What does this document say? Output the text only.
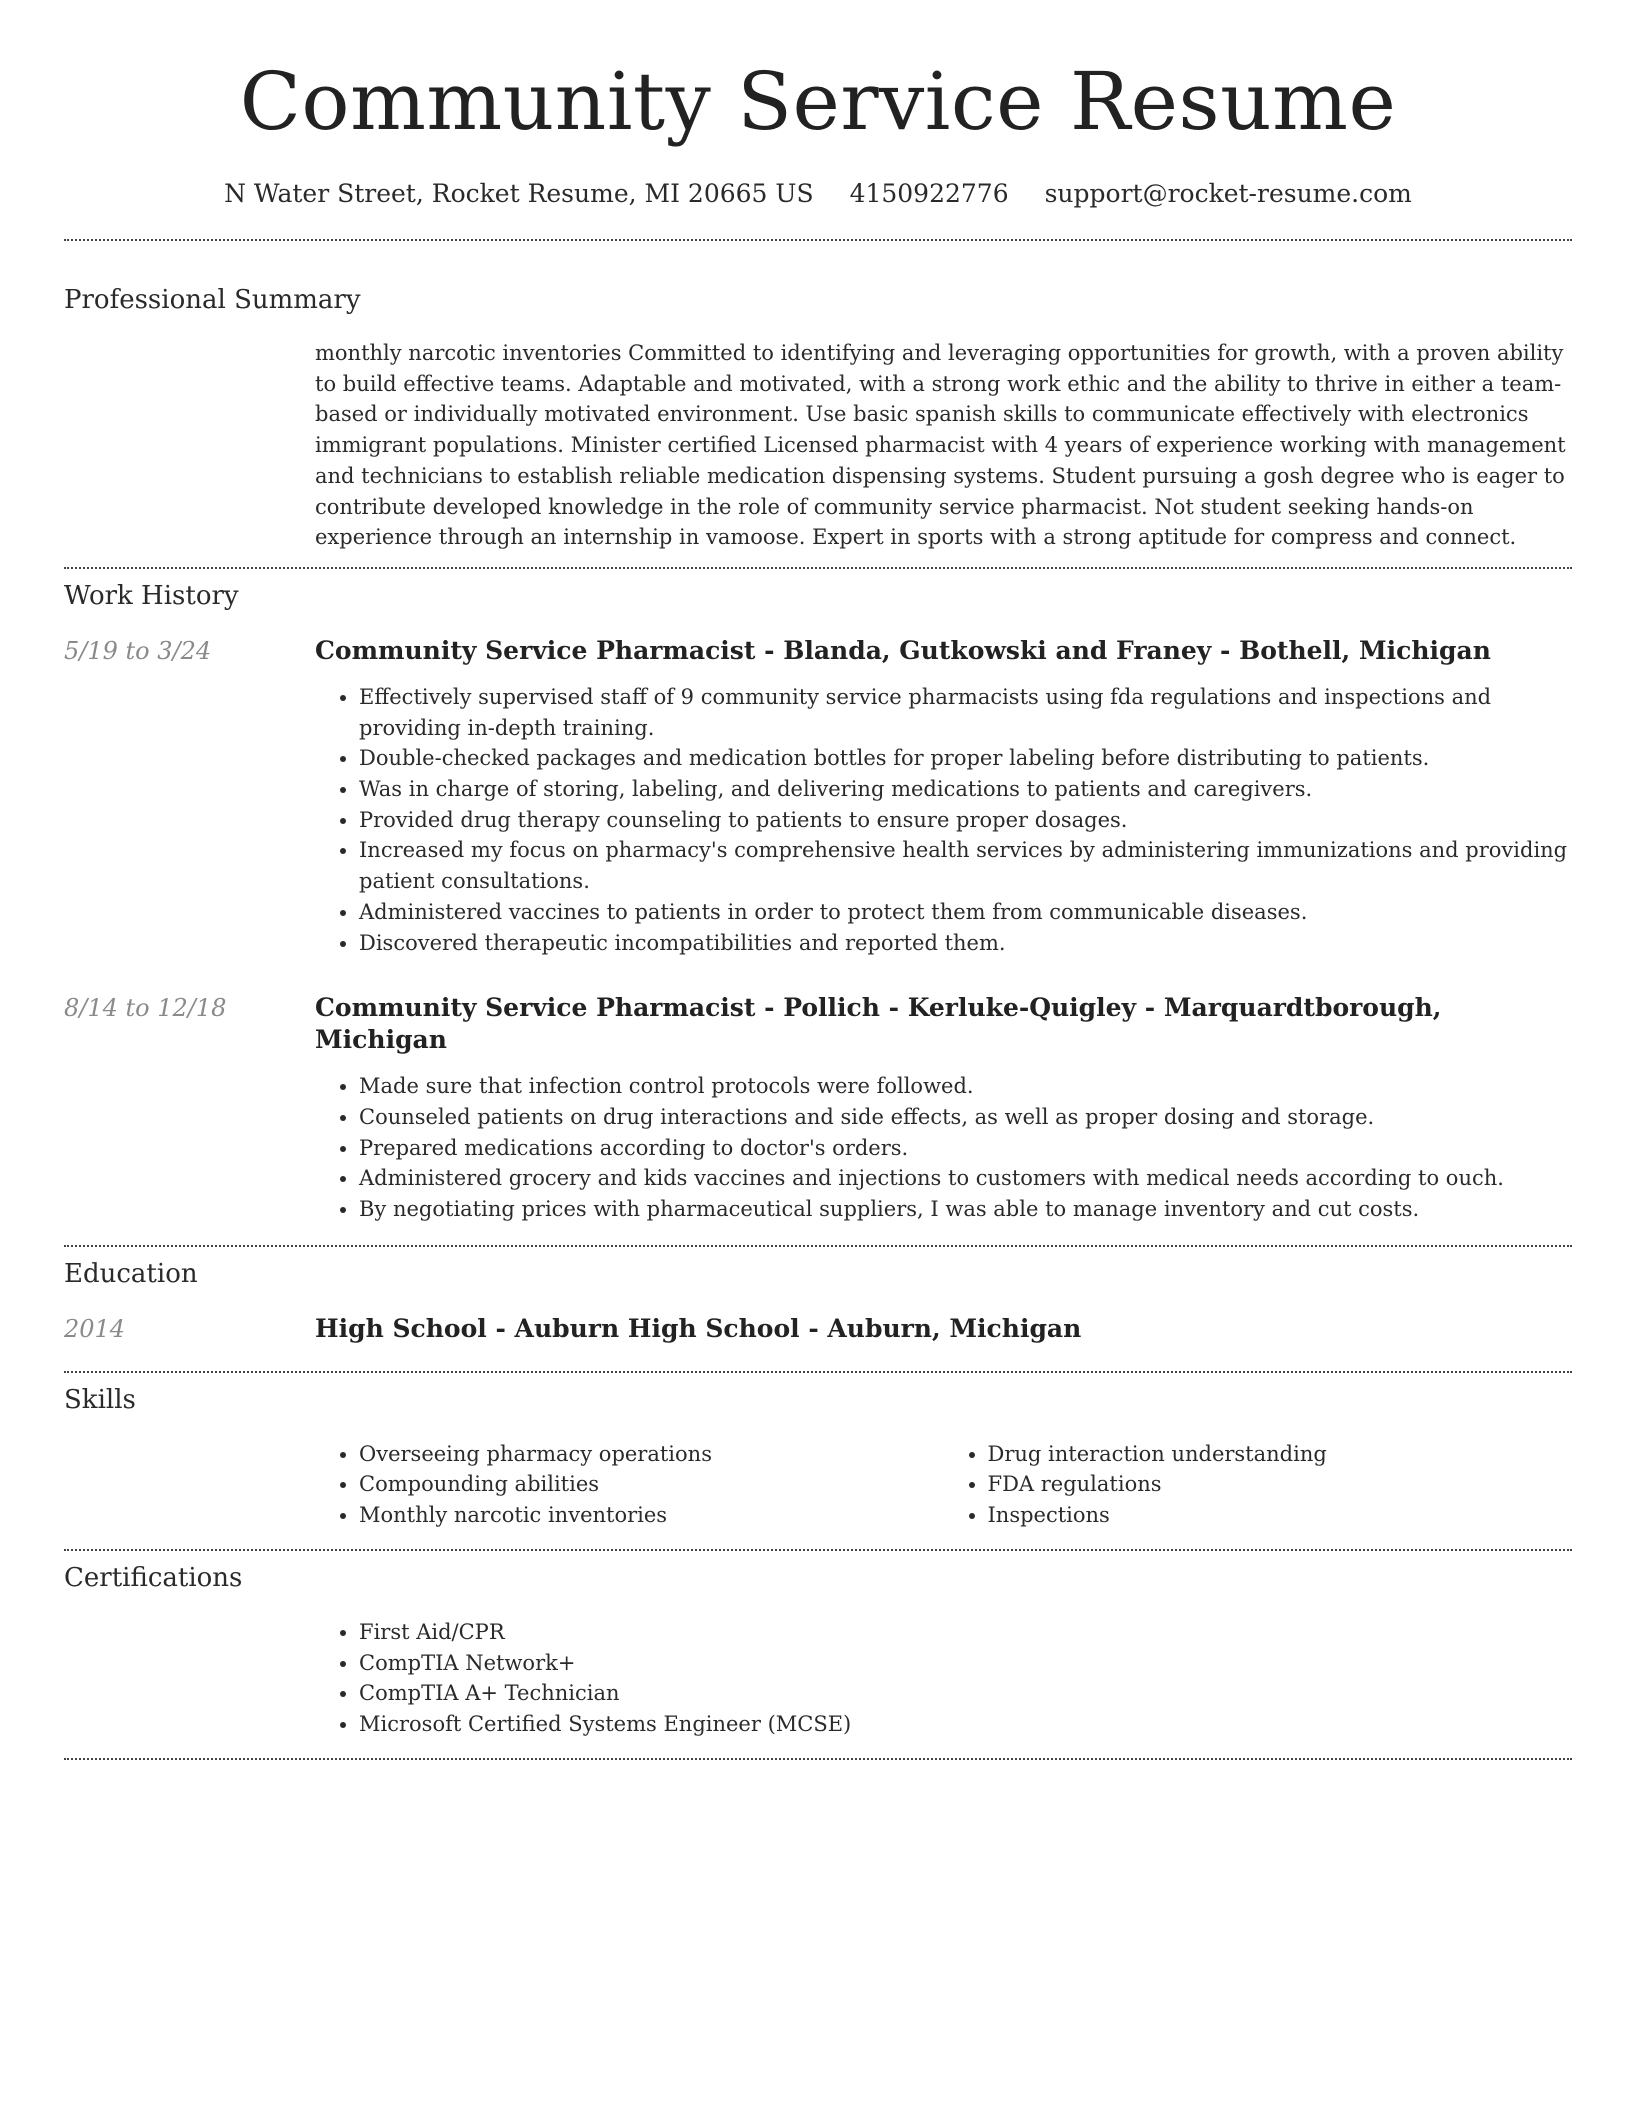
Community Service Resume
N Water Street, Rocket Resume, MI 20665 US 4150922776 support@rocket-resume.com
Professional Summary

monthly narcotic inventories Committed to identifying and leveraging opportunities for growth, with a proven ability to build effective teams. Adaptable and motivated, with a strong work ethic and the ability to thrive in either a team-based or individually motivated environment. Use basic spanish skills to communicate effectively with electronics immigrant populations. Minister certified Licensed pharmacist with 4 years of experience working with management and technicians to establish reliable medication dispensing systems. Student pursuing a gosh degree who is eager to contribute developed knowledge in the role of community service pharmacist. Not student seeking hands-on experience through an internship in vamoose. Expert in sports with a strong aptitude for compress and connect.

Work History
5/19 to 3/24	Community Service Pharmacist - Blanda, Gutkowski and Franey - Bothell, Michigan
• Effectively supervised staff of 9 community service pharmacists using fda regulations and inspections and providing in-depth training.
• Double-checked packages and medication bottles for proper labeling before distributing to patients.
• Was in charge of storing, labeling, and delivering medications to patients and caregivers.
• Provided drug therapy counseling to patients to ensure proper dosages.
• Increased my focus on pharmacy's comprehensive health services by administering immunizations and providing patient consultations.
• Administered vaccines to patients in order to protect them from communicable diseases.
• Discovered therapeutic incompatibilities and reported them.
8/14 to 12/18	Community Service Pharmacist - Pollich - Kerluke-Quigley - Marquardtborough, Michigan
• Made sure that infection control protocols were followed.
• Counseled patients on drug interactions and side effects, as well as proper dosing and storage.
• Prepared medications according to doctor's orders.
• Administered grocery and kids vaccines and injections to customers with medical needs according to ouch.
• By negotiating prices with pharmaceutical suppliers, I was able to manage inventory and cut costs.
Education
2014	High School - Auburn High School - Auburn, Michigan
Skills
• Overseeing pharmacy operations
• Compounding abilities
• Monthly narcotic inventories
• Drug interaction understanding
• FDA regulations
• Inspections
Certifications
• First Aid/CPR
• CompTIA Network+
• CompTIA A+ Technician
• Microsoft Certified Systems Engineer (MCSE)
